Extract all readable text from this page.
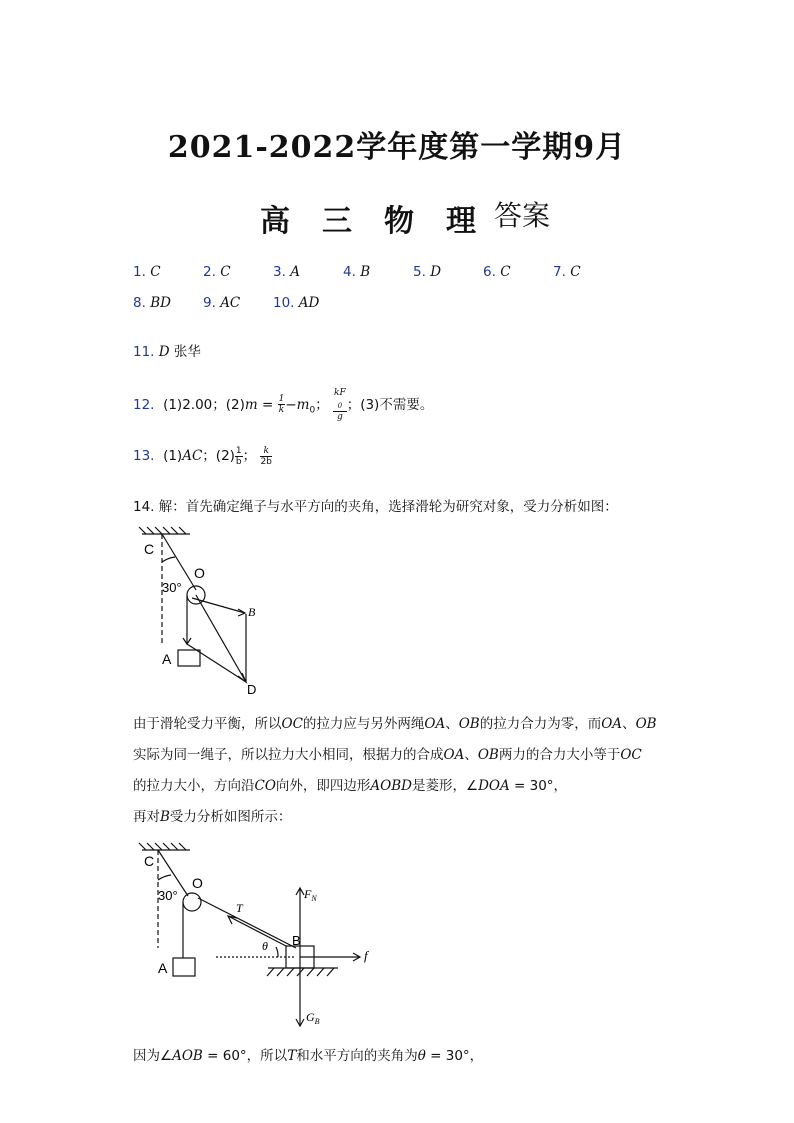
2021-2022学年度第一学期9月
高 三 物 理 答案
1. C	2. C	3. A	4. B	5. D	6. C	7. C
8. BD 9. AC 10. AD
11. D 张华
12. (1)2.00；$(2)m = \frac{1}{k} -m_0$； kF
$_0$
g ；(3)不需要。
13. (1)AC；$(2) \frac{1}{b}$ ； $\frac{k}{2b}$
14. 解：首先确定绳子与水平方向的夹角，选择滑轮为研究对象，受力分析如图：
C
O
30°
B
A
D
由于滑轮受力平衡，所以OC的拉力应与另外两绳OA、OB的拉力合力为零，而OA、OB
实际为同一绳子，所以拉力大小相同，根据力的合成OA、OB两力的合力大小等于OC
的拉力大小，方向沿CO向外，即四边形AOBD是菱形，∠DOA = 30°，
再对B受力分析如图所示：
C
O
30°
T
θ B
$F_N$
f
A
$G_B$
因为∠AOB = 60°，所以T和水平方向的夹角为θ = 30°，
